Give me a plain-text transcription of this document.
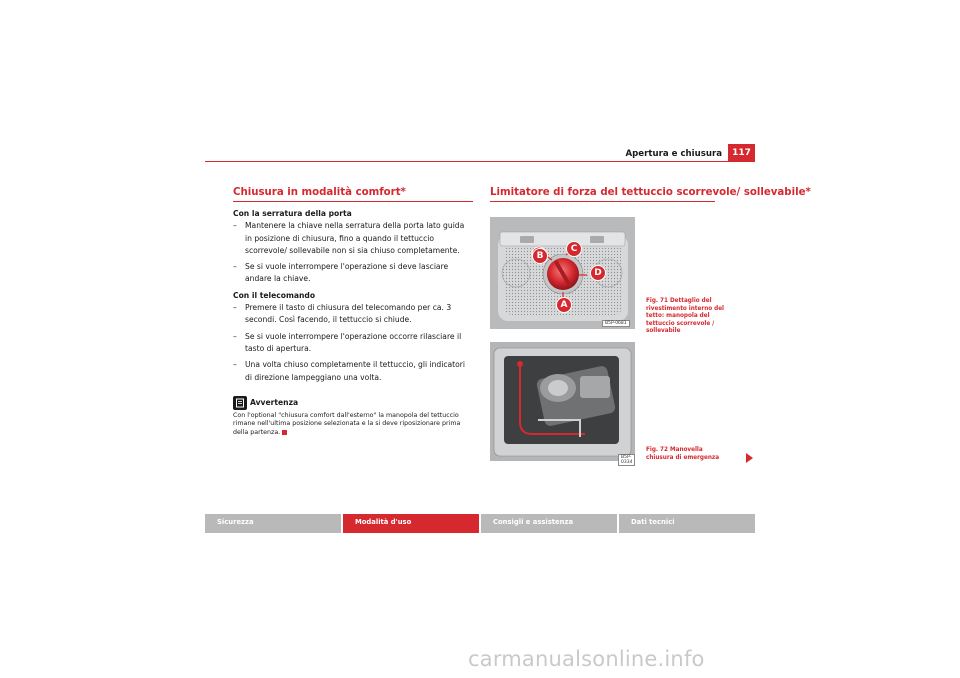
Apertura e chiusura	117
Chiusura in modalità comfort*	Limitatore di forza del tettuccio scorrevole/ sollevabile*

Con la serratura della porta

–	Mantenere la chiave nella serratura della porta lato guida in posizione di chiusura, fino a quando il tettuccio scorrevole/ sollevabile non si sia chiuso completamente.
–	Se si vuole interrompere l'operazione si deve lasciare andare la chiave.

Con il telecomando

–	Premere il tasto di chiusura del telecomando per ca. 3 secondi. Così facendo, il tettuccio si chiude.
–	Se si vuole interrompere l'operazione occorre rilasciare il tasto di apertura.
–	Una volta chiuso completamente il tettuccio, gli indicatori di direzione lampeggiano una volta.
Avvertenza
Con l'optional "chiusura comfort dall'esterno" la manopola del tettuccio rimane nell'ultima posizione selezionata e la si deve riposizionare prima della partenza.
B
A
C
D
B5P-0681
Fig. 71 Dettaglio del rivestimento interno del tetto: manopola del tettuccio scorrevole / sollevabile
B5P-0334
Fig. 72 Manovella chiusura di emergenza
Sicurezza	Modalità d'uso	Consigli e assistenza	Dati tecnici
carmanualsonline.info
